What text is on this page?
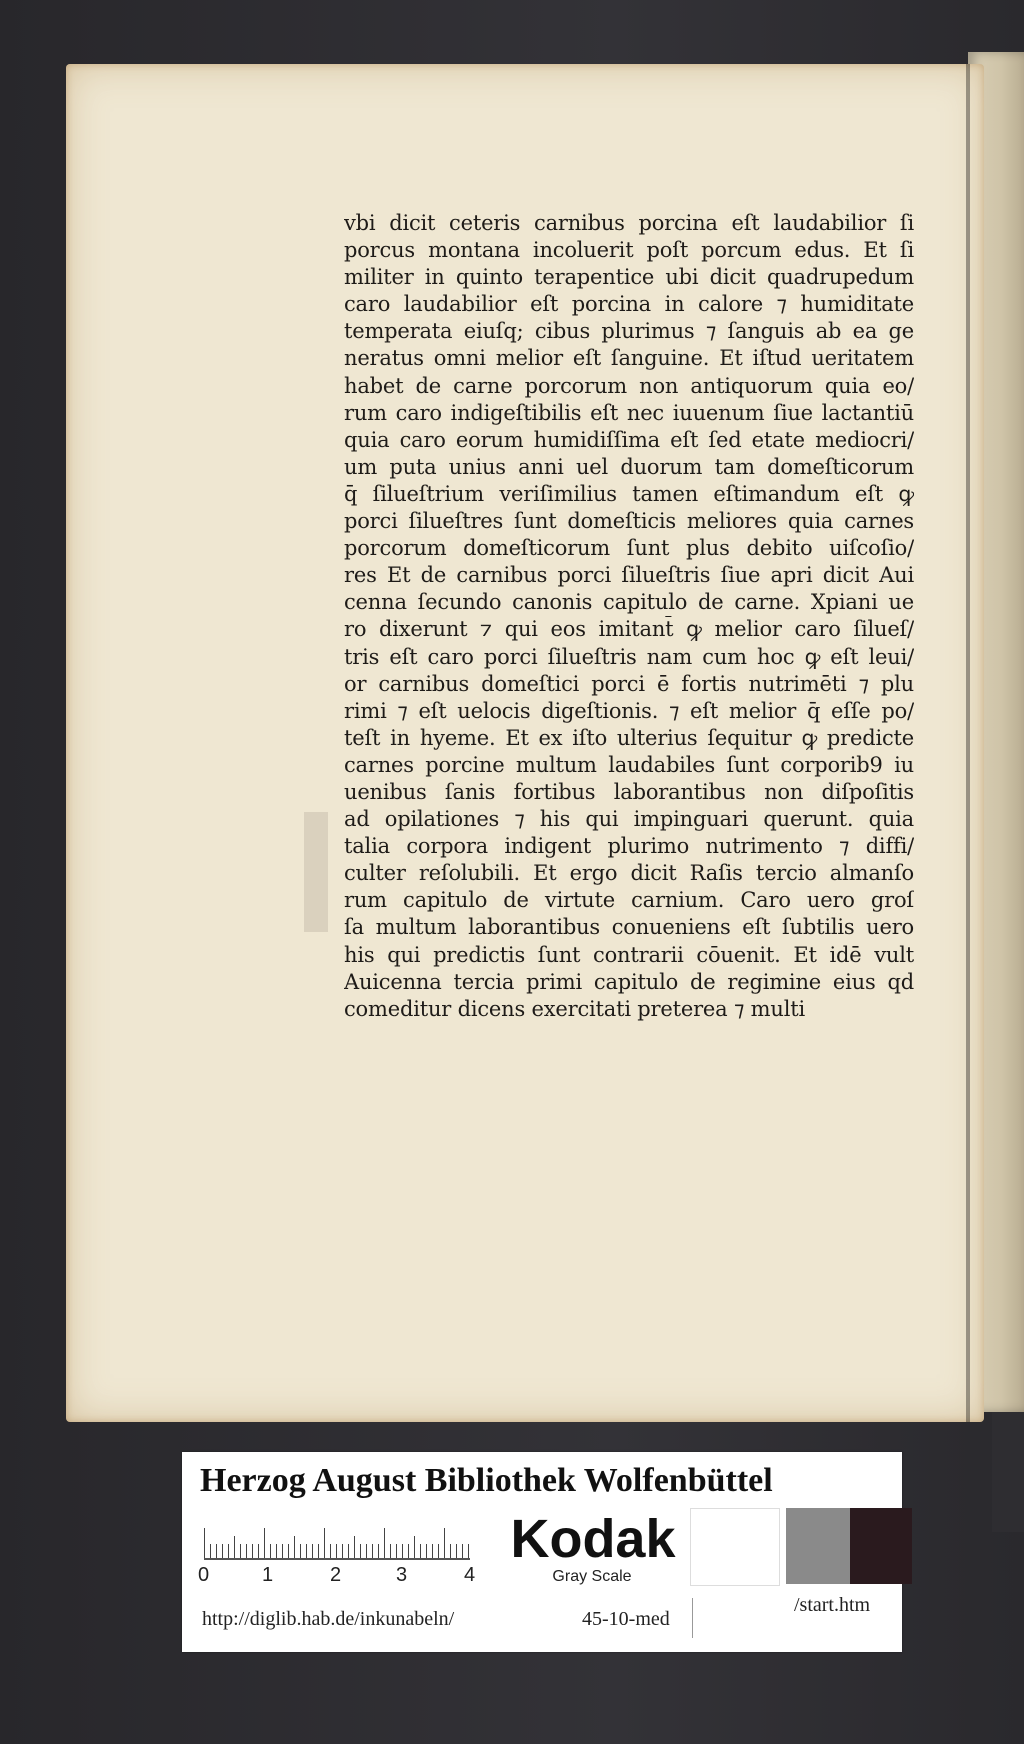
vbi dicit ceteris carnibus porcina eſt laudabilior ſi
porcus montana incoluerit poſt porcum edus. Et ſi
militer in quinto terapentice ubi dicit quadrupedum
caro laudabilior eſt porcina in calore ⁊ humiditate
temperata eiuſq; cibus plurimus ⁊ ſanguis ab ea ge
neratus omni melior eſt ſanguine. Et iſtud ueritatem
habet de carne porcorum non antiquorum quia eo/
rum caro indigeſtibilis eſt nec iuuenum ſiue lactantiū
quia caro eorum humidiſſima eſt ſed etate mediocri/
um puta unius anni uel duorum tam domeſticorum
q̄ ſilueſtrium veriſimilius tamen eſtimandum eſt ꝙ
porci ſilueſtres ſunt domeſticis meliores quia carnes
porcorum domeſticorum ſunt plus debito uiſcoſio/
res Et de carnibus porci ſilueſtris ſiue apri dicit Aui
cenna ſecundo canonis capitulo de carne. Xpiani ue
ro dixerunt ⁊ qui eos imitant̄ ꝙ melior caro ſilueſ/
tris eſt caro porci ſilueſtris nam cum hoc ꝙ eſt leui/
or carnibus domeſtici porci ē fortis nutrimēti ⁊ plu
rimi ⁊ eſt uelocis digeſtionis. ⁊ eſt melior q̄ eſſe po/
teſt in hyeme. Et ex iſto ulterius ſequitur ꝙ predicte
carnes porcine multum laudabiles ſunt corporib9 iu
uenibus ſanis fortibus laborantibus non diſpoſitis
ad opilationes ⁊ his qui impinguari querunt. quia
talia corpora indigent plurimo nutrimento ⁊ diffi/
culter reſolubili. Et ergo dicit Raſis tercio almanſo
rum capitulo de virtute carnium. Caro uero groſ
ſa multum laborantibus conueniens eſt ſubtilis uero
his qui predictis ſunt contrarii cōuenit. Et idē vult
Auicenna tercia primi capitulo de regimine eius qd
comeditur dicens exercitati preterea ⁊ multi
Herzog August Bibliothek Wolfenbüttel
0	1	2	3	4
Kodak
Gray Scale
http://diglib.hab.de/inkunabeln/	45-10-med
/start.htm
